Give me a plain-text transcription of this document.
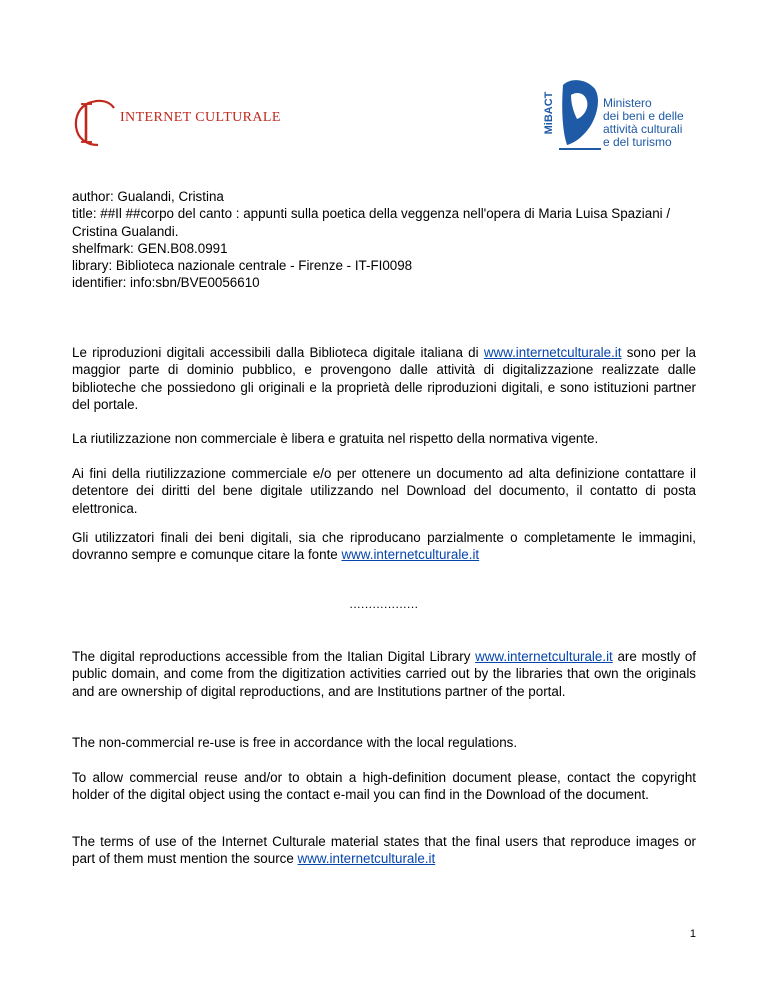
INTERNET CULTURALE	MiBACT	Ministero
dei beni e delle
attività culturali
e del turismo
author: Gualandi, Cristina
title: ##Il ##corpo del canto : appunti sulla poetica della veggenza nell'opera di Maria Luisa Spaziani / Cristina Gualandi.
shelfmark: GEN.B08.0991
library: Biblioteca nazionale centrale - Firenze - IT-FI0098
identifier: info:sbn/BVE0056610

Le riproduzioni digitali accessibili dalla Biblioteca digitale italiana di www.internetculturale.it sono per la maggior parte di dominio pubblico, e provengono dalle attività di digitalizzazione realizzate dalle biblioteche che possiedono gli originali e la proprietà delle riproduzioni digitali, e sono istituzioni partner del portale.

La riutilizzazione non commerciale è libera e gratuita nel rispetto della normativa vigente.

Ai fini della riutilizzazione commerciale e/o per ottenere un documento ad alta definizione contattare il detentore dei diritti del bene digitale utilizzando nel Download del documento, il contatto di posta elettronica.

Gli utilizzatori finali dei beni digitali, sia che riproducano parzialmente o completamente le immagini, dovranno sempre e comunque citare la fonte www.internetculturale.it

..................

The digital reproductions accessible from the Italian Digital Library www.internetculturale.it are mostly of public domain, and come from the digitization activities carried out by the libraries that own the originals and are ownership of digital reproductions, and are Institutions partner of the portal.

The non-commercial re-use is free in accordance with the local regulations.

To allow commercial reuse and/or to obtain a high-definition document please, contact the copyright holder of the digital object using the contact e-mail you can find in the Download of the document.

The terms of use of the Internet Culturale material states that the final users that reproduce images or part of them must mention the source www.internetculturale.it

1
